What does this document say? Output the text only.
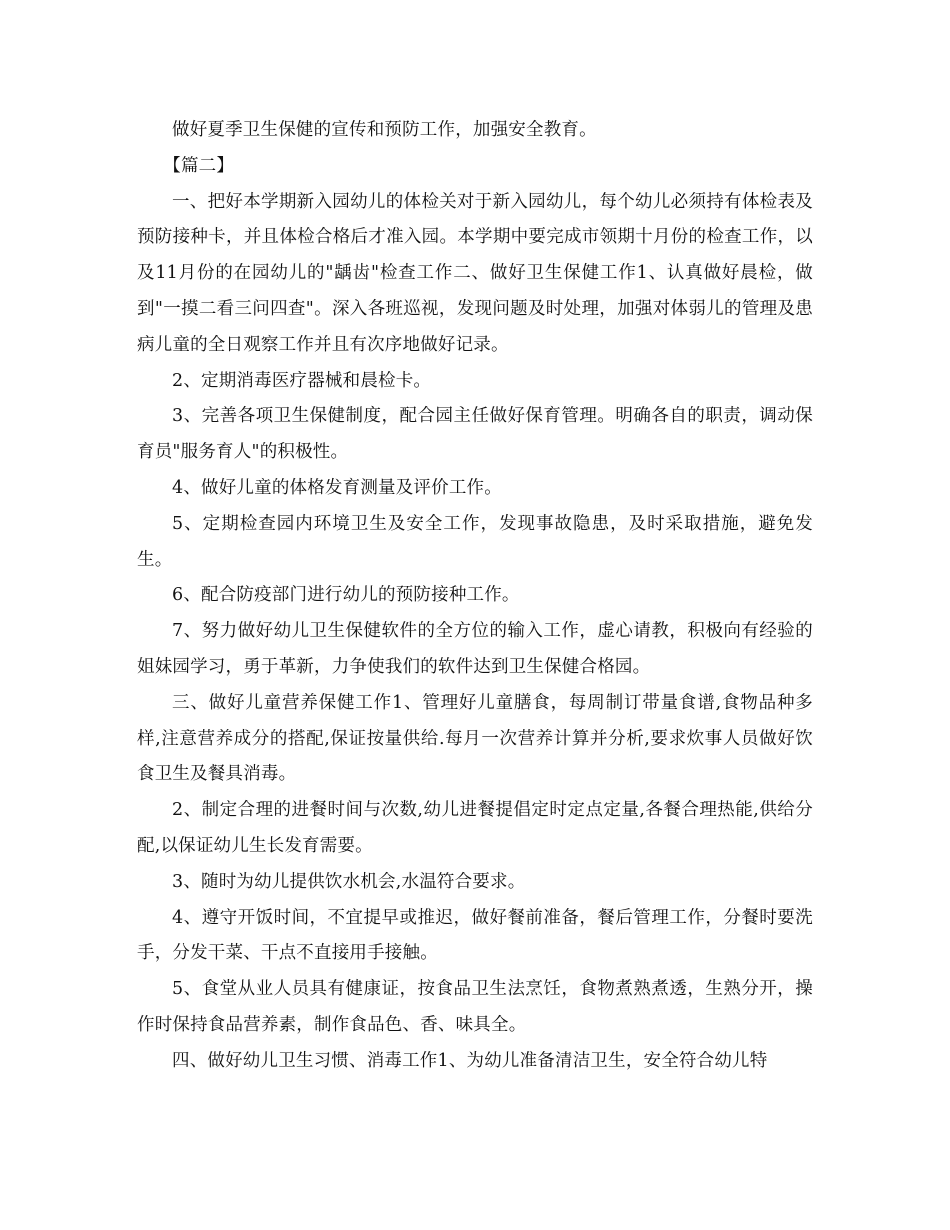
做好夏季卫生保健的宣传和预防工作，加强安全教育。

【篇二】

一、把好本学期新入园幼儿的体检关对于新入园幼儿，每个幼儿必须持有体检表及预防接种卡，并且体检合格后才准入园。本学期中要完成市领期十月份的检查工作，以及11月份的在园幼儿的"龋齿"检查工作二、做好卫生保健工作1、认真做好晨检，做到"一摸二看三问四查"。深入各班巡视，发现问题及时处理，加强对体弱儿的管理及患病儿童的全日观察工作并且有次序地做好记录。

2、定期消毒医疗器械和晨检卡。

3、完善各项卫生保健制度，配合园主任做好保育管理。明确各自的职责，调动保育员"服务育人"的积极性。

4、做好儿童的体格发育测量及评价工作。

5、定期检查园内环境卫生及安全工作，发现事故隐患，及时采取措施，避免发生。

6、配合防疫部门进行幼儿的预防接种工作。

7、努力做好幼儿卫生保健软件的全方位的输入工作，虚心请教，积极向有经验的姐妹园学习，勇于革新，力争使我们的软件达到卫生保健合格园。

三、做好儿童营养保健工作1、管理好儿童膳食，每周制订带量食谱,食物品种多样,注意营养成分的搭配,保证按量供给.每月一次营养计算并分析,要求炊事人员做好饮食卫生及餐具消毒。

2、制定合理的进餐时间与次数,幼儿进餐提倡定时定点定量,各餐合理热能,供给分配,以保证幼儿生长发育需要。

3、随时为幼儿提供饮水机会,水温符合要求。

4、遵守开饭时间，不宜提早或推迟，做好餐前准备，餐后管理工作，分餐时要洗手，分发干菜、干点不直接用手接触。

5、食堂从业人员具有健康证，按食品卫生法烹饪，食物煮熟煮透，生熟分开，操作时保持食品营养素，制作食品色、香、味具全。

四、做好幼儿卫生习惯、消毒工作1、为幼儿准备清洁卫生，安全符合幼儿特
